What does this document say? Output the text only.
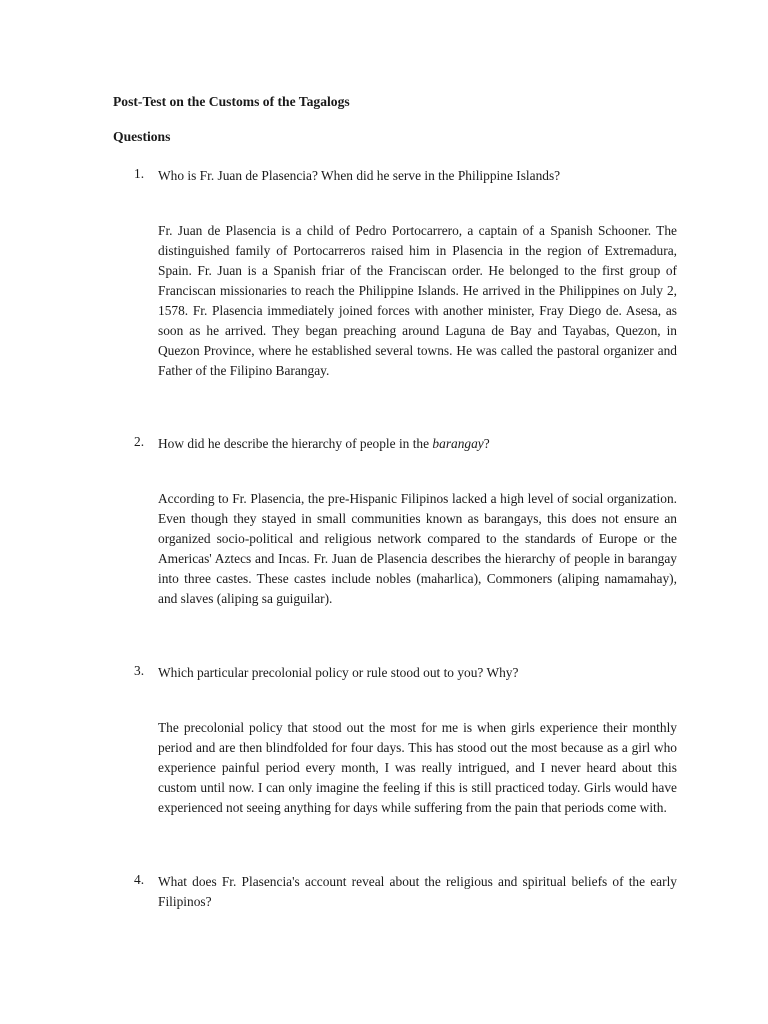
Post-Test on the Customs of the Tagalogs
Questions
1.	Who is Fr. Juan de Plasencia? When did he serve in the Philippine Islands?
Fr. Juan de Plasencia is a child of Pedro Portocarrero, a captain of a Spanish Schooner. The distinguished family of Portocarreros raised him in Plasencia in the region of Extremadura, Spain. Fr. Juan is a Spanish friar of the Franciscan order. He belonged to the first group of Franciscan missionaries to reach the Philippine Islands. He arrived in the Philippines on July 2, 1578. Fr. Plasencia immediately joined forces with another minister, Fray Diego de. Asesa, as soon as he arrived. They began preaching around Laguna de Bay and Tayabas, Quezon, in Quezon Province, where he established several towns. He was called the pastoral organizer and Father of the Filipino Barangay.
2.	How did he describe the hierarchy of people in the barangay?
According to Fr. Plasencia, the pre-Hispanic Filipinos lacked a high level of social organization. Even though they stayed in small communities known as barangays, this does not ensure an organized socio-political and religious network compared to the standards of Europe or the Americas' Aztecs and Incas. Fr. Juan de Plasencia describes the hierarchy of people in barangay into three castes. These castes include nobles (maharlica), Commoners (aliping namamahay), and slaves (aliping sa guiguilar).
3.	Which particular precolonial policy or rule stood out to you? Why?
The precolonial policy that stood out the most for me is when girls experience their monthly period and are then blindfolded for four days. This has stood out the most because as a girl who experience painful period every month, I was really intrigued, and I never heard about this custom until now. I can only imagine the feeling if this is still practiced today. Girls would have experienced not seeing anything for days while suffering from the pain that periods come with.
4.	What does Fr. Plasencia's account reveal about the religious and spiritual beliefs of the early Filipinos?
